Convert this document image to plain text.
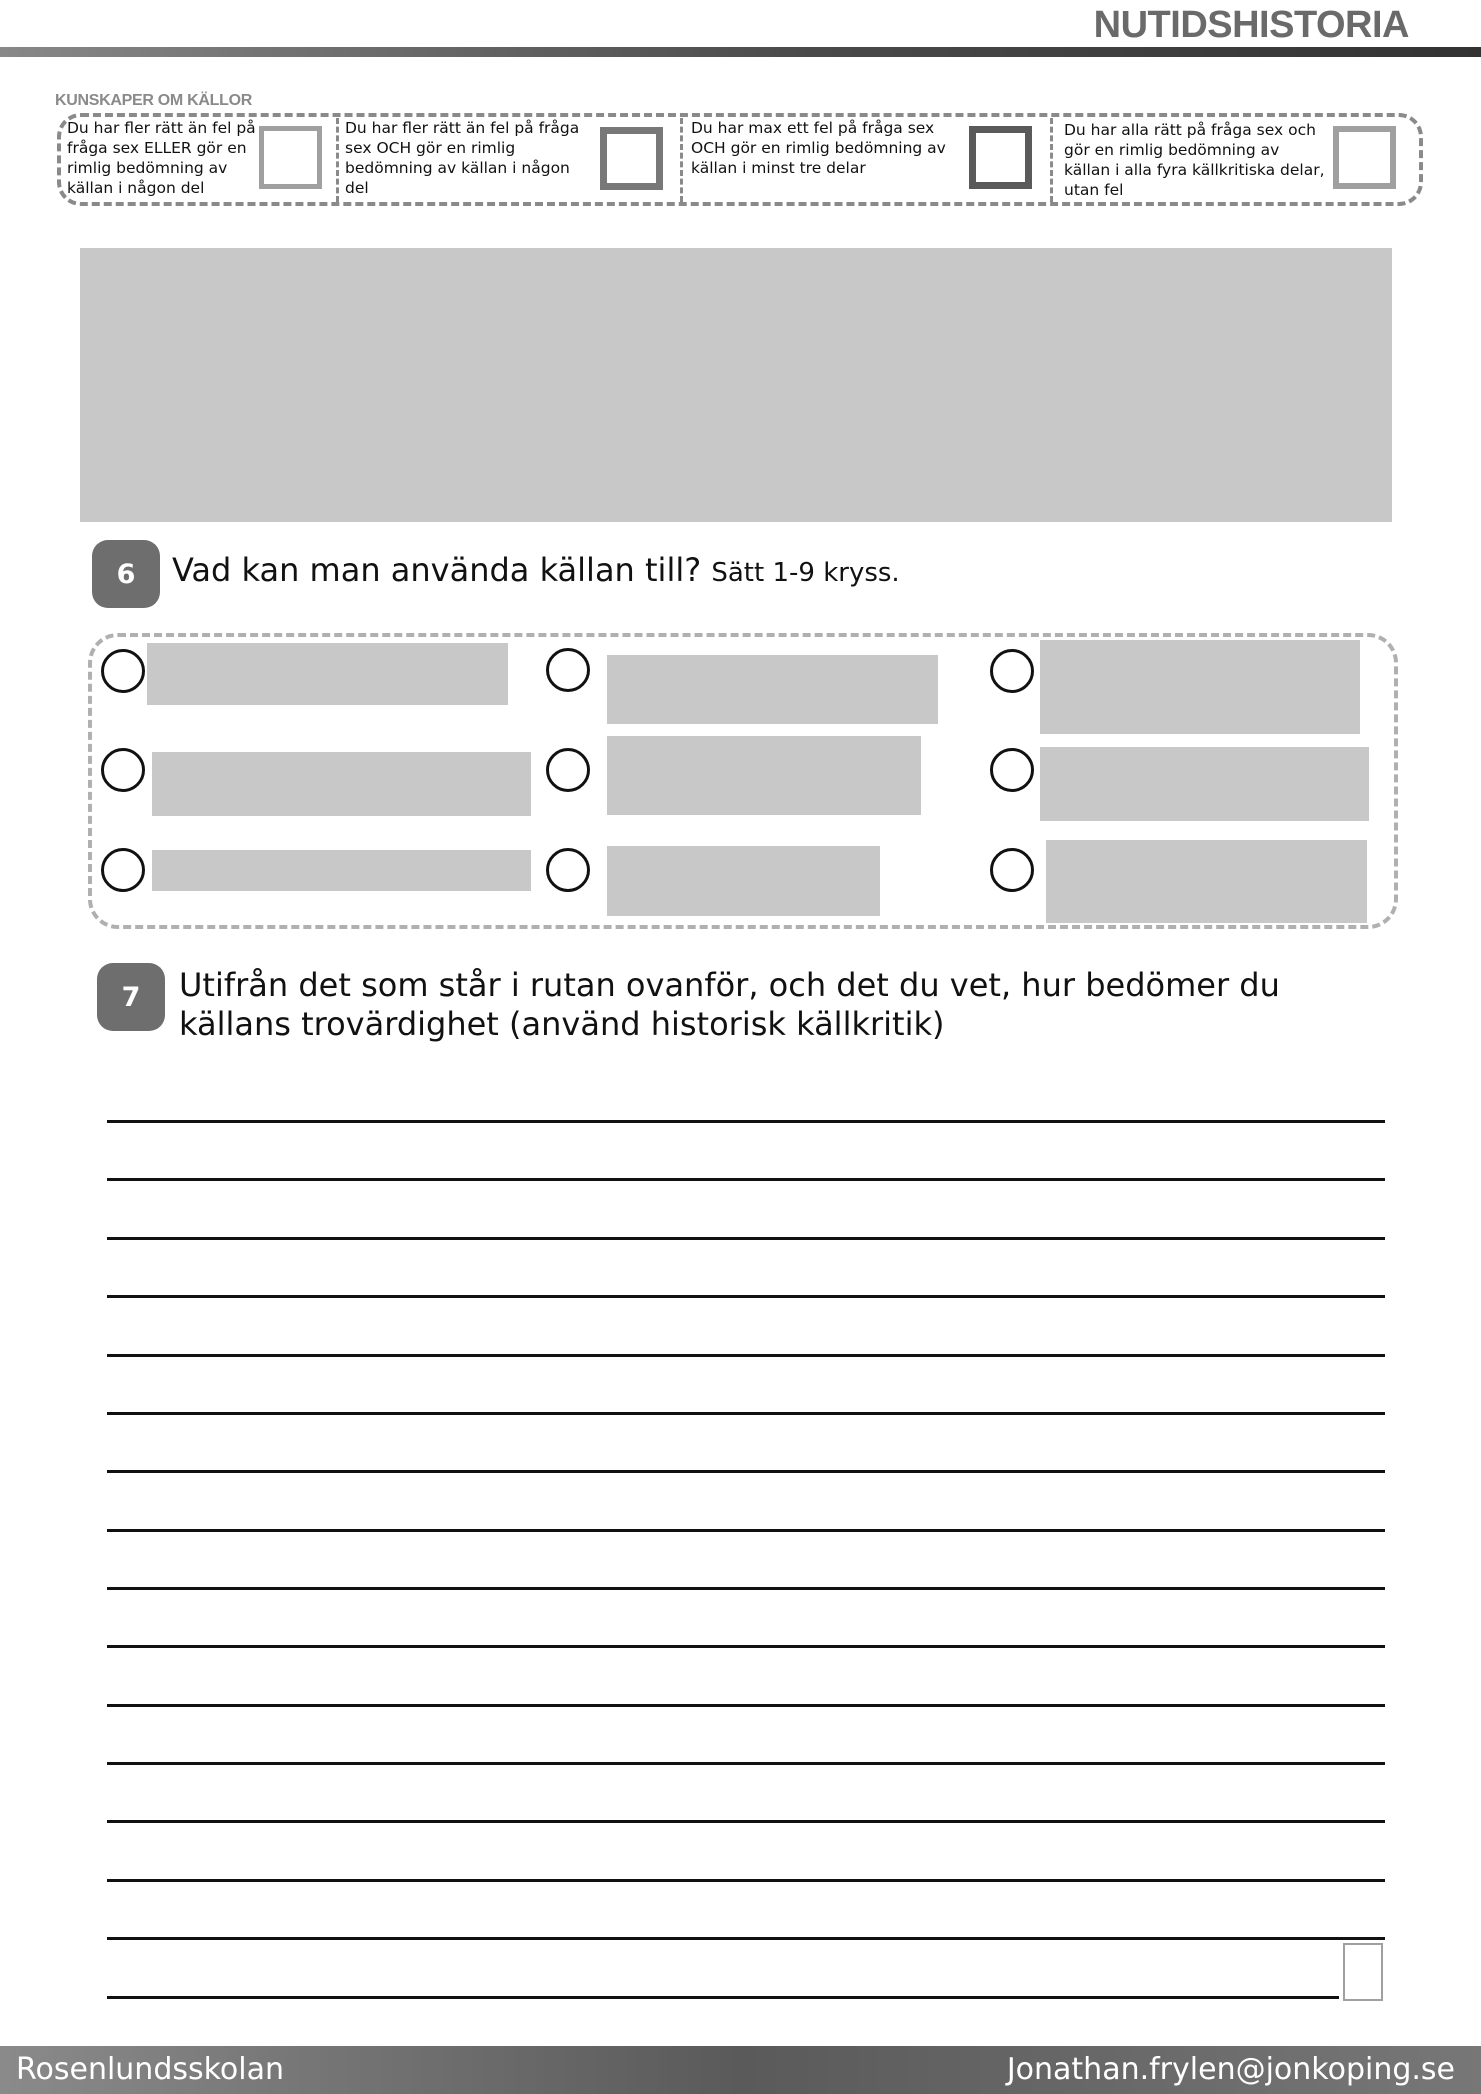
NUTIDSHISTORIA
KUNSKAPER OM KÄLLOR
Du har fler rätt än fel på fråga sex ELLER gör en rimlig bedömning av källan i någon del
Du har fler rätt än fel på fråga sex OCH gör en rimlig bedömning av källan i någon del
Du har max ett fel på fråga sex OCH gör en rimlig bedömning av källan i minst tre delar
Du har alla rätt på fråga sex och gör en rimlig bedömning av källan i alla fyra källkritiska delar, utan fel
6	Vad kan man använda källan till? Sätt 1-9 kryss.
7	Utifrån det som står i rutan ovanför, och det du vet, hur bedömer du källans trovärdighet (använd historisk källkritik)
Rosenlundsskolan	Jonathan.frylen@jonkoping.se
